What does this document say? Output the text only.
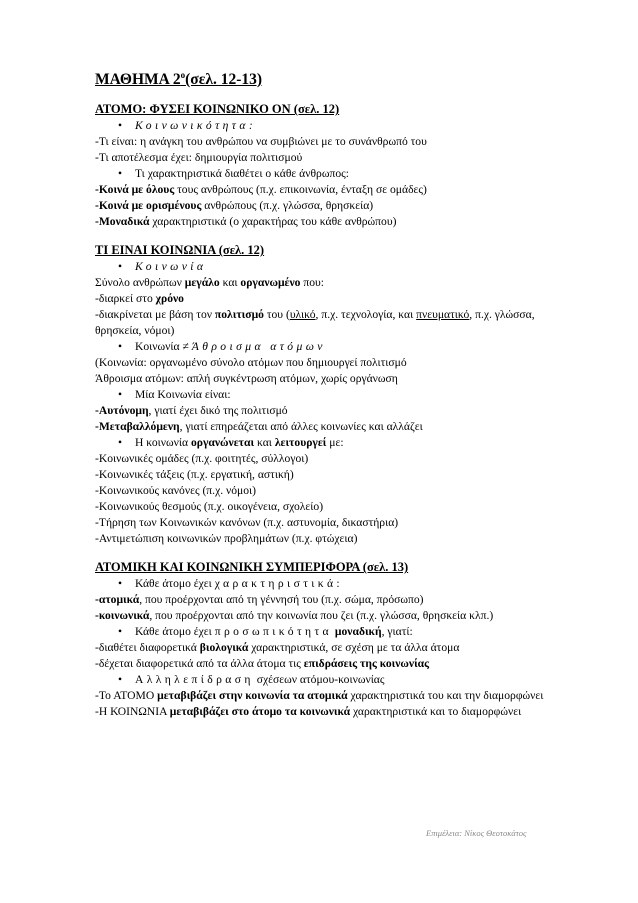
ΜΑΘΗΜΑ $2^o(\sigma\varepsilon\lambda$. 12-13)
ΑΤΟΜΟ: ΦΥΣΕΙ ΚΟΙΝΩΝΙΚΟ ΟΝ (σελ. 12)
• Κοινωνικότητα:
-Τι είναι: η ανάγκη του ανθρώπου να συμβιώνει με το συνάνθρωπό του
-Τι αποτέλεσμα έχει: δημιουργία πολιτισμού
• Τι χαρακτηριστικά διαθέτει ο κάθε άνθρωπος:
-Κοινά με όλους τους ανθρώπους (π.χ. επικοινωνία, ένταξη σε ομάδες)
-Κοινά με ορισμένους ανθρώπους (π.χ. γλώσσα, θρησκεία)
-Μοναδικά χαρακτηριστικά (ο χαρακτήρας του κάθε ανθρώπου)
ΤΙ ΕΙΝΑΙ ΚΟΙΝΩΝΙΑ (σελ. 12)
• Κοινωνία
Σύνολο ανθρώπων μεγάλο και οργανωμένο που:
-διαρκεί στο χρόνο
-διακρίνεται με βάση τον πολιτισμό του (υλικό, π.χ. τεχνολογία, και πνευματικό, π.χ. γλώσσα, θρησκεία, νόμοι)
• Κοινωνία ≠ Άθροισμα ατόμων
(Κοινωνία: οργανωμένο σύνολο ατόμων που δημιουργεί πολιτισμό
Άθροισμα ατόμων: απλή συγκέντρωση ατόμων, χωρίς οργάνωση
• Μία Κοινωνία είναι:
-Αυτόνομη, γιατί έχει δικό της πολιτισμό
-Μεταβαλλόμενη, γιατί επηρεάζεται από άλλες κοινωνίες και αλλάζει
• Η κοινωνία οργανώνεται και λειτουργεί με:
-Κοινωνικές ομάδες (π.χ. φοιτητές, σύλλογοι)
-Κοινωνικές τάξεις (π.χ. εργατική, αστική)
-Κοινωνικούς κανόνες (π.χ. νόμοι)
-Κοινωνικούς θεσμούς (π.χ. οικογένεια, σχολείο)
-Τήρηση των Κοινωνικών κανόνων (π.χ. αστυνομία, δικαστήρια)
-Αντιμετώπιση κοινωνικών προβλημάτων (π.χ. φτώχεια)
ΑΤΟΜΙΚΗ ΚΑΙ ΚΟΙΝΩΝΙΚΗ ΣΥΜΠΕΡΙΦΟΡΑ (σελ. 13)
• Κάθε άτομο έχει χαρακτηριστικά:
-ατομικά, που προέρχονται από τη γέννησή του (π.χ. σώμα, πρόσωπο)
-κοινωνικά, που προέρχονται από την κοινωνία που ζει (π.χ. γλώσσα, θρησκεία κλπ.)
• Κάθε άτομο έχει προσωπικότητα μοναδική, γιατί:
-διαθέτει διαφορετικά βιολογικά χαρακτηριστικά, σε σχέση με τα άλλα άτομα
-δέχεται διαφορετικά από τα άλλα άτομα τις επιδράσεις της κοινωνίας
• Αλληλεπίδραση σχέσεων ατόμου-κοινωνίας
-Το ΑΤΟΜΟ μεταβιβάζει στην κοινωνία τα ατομικά χαρακτηριστικά του και την διαμορφώνει
-Η ΚΟΙΝΩΝΙΑ μεταβιβάζει στο άτομο τα κοινωνικά χαρακτηριστικά και το διαμορφώνει
Επιμέλεια: Νίκος Θεοτοκάτος
